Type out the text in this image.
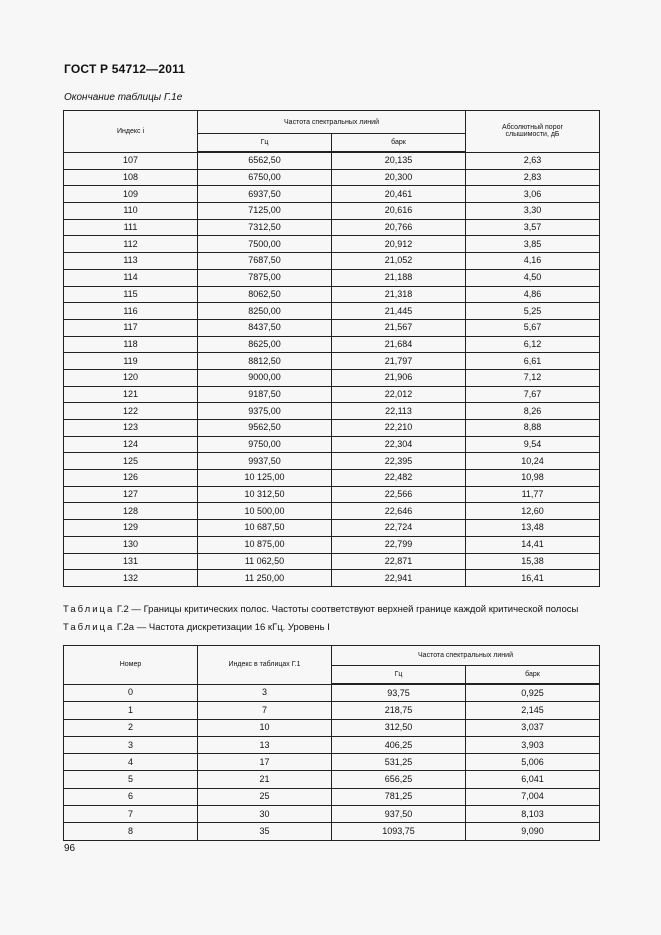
ГОСТ Р 54712—2011
Окончание таблицы Г.1е
Индекс i	Частота спектральных линий		Абсолютный порог слышимости, дБ
	Гц	барк	
107	6562,50	20,135	2,63
108	6750,00	20,300	2,83
109	6937,50	20,461	3,06
110	7125,00	20,616	3,30
111	7312,50	20,766	3,57
112	7500,00	20,912	3,85
113	7687,50	21,052	4,16
114	7875,00	21,188	4,50
115	8062,50	21,318	4,86
116	8250,00	21,445	5,25
117	8437,50	21,567	5,67
118	8625,00	21,684	6,12
119	8812,50	21,797	6,61
120	9000,00	21,906	7,12
121	9187,50	22,012	7,67
122	9375,00	22,113	8,26
123	9562,50	22,210	8,88
124	9750,00	22,304	9,54
125	9937,50	22,395	10,24
126	10 125,00	22,482	10,98
127	10 312,50	22,566	11,77
128	10 500,00	22,646	12,60
129	10 687,50	22,724	13,48
130	10 875,00	22,799	14,41
131	11 062,50	22,871	15,38
132	11 250,00	22,941	16,41
Таблица Г.2 — Границы критических полос. Частоты соответствуют верхней границе каждой критической полосы
Таблица Г.2а — Частота дискретизации 16 кГц. Уровень I
Номер	Индекс в таблицах Г.1	Частота спектральных линий	
		Гц	барк
0	3	93,75	0,925
1	7	218,75	2,145
2	10	312,50	3,037
3	13	406,25	3,903
4	17	531,25	5,006
5	21	656,25	6,041
6	25	781,25	7,004
7	30	937,50	8,103
8	35	1093,75	9,090
96
